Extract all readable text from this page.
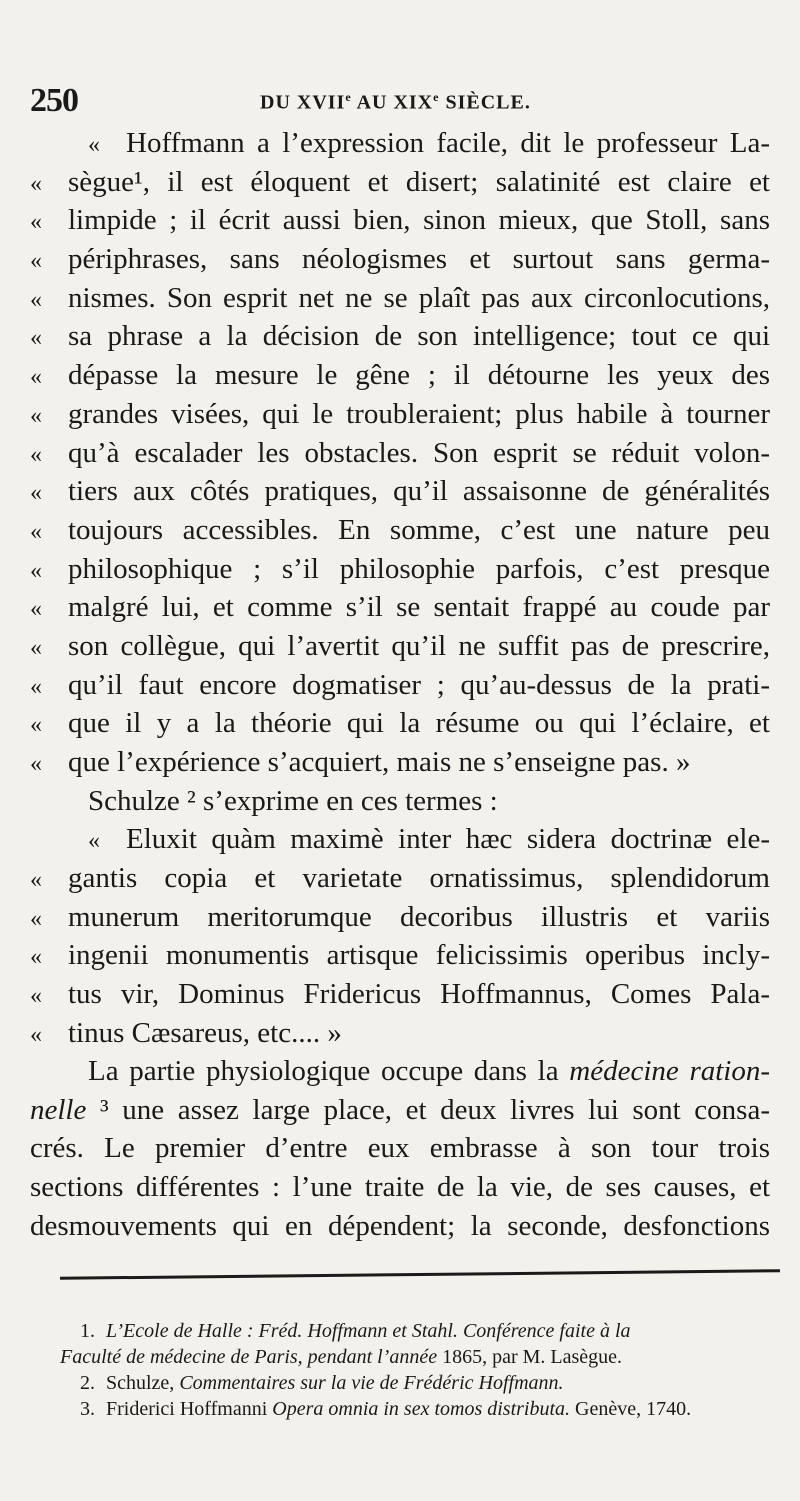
250	DU XVIIe AU XIXe SIÈCLE.
« Hoffmann a l’expression facile, dit le professeur La-
« sègue¹, il est éloquent et disert; salatinité est claire et
« limpide ; il écrit aussi bien, sinon mieux, que Stoll, sans
« périphrases, sans néologismes et surtout sans germa-
« nismes. Son esprit net ne se plaît pas aux circonlocutions,
« sa phrase a la décision de son intelligence; tout ce qui
« dépasse la mesure le gêne ; il détourne les yeux des
« grandes visées, qui le troubleraient; plus habile à tourner
« qu’à escalader les obstacles. Son esprit se réduit volon-
« tiers aux côtés pratiques, qu’il assaisonne de généralités
« toujours accessibles. En somme, c’est une nature peu
« philosophique ; s’il philosophie parfois, c’est presque
« malgré lui, et comme s’il se sentait frappé au coude par
« son collègue, qui l’avertit qu’il ne suffit pas de prescrire,
« qu’il faut encore dogmatiser ; qu’au-dessus de la prati-
« que il y a la théorie qui la résume ou qui l’éclaire, et
« que l’expérience s’acquiert, mais ne s’enseigne pas. »
Schulze ² s’exprime en ces termes :
« Eluxit quàm maximè inter hæc sidera doctrinæ ele-
« gantis copia et varietate ornatissimus, splendidorum
« munerum meritorumque decoribus illustris et variis
« ingenii monumentis artisque felicissimis operibus incly-
« tus vir, Dominus Fridericus Hoffmannus, Comes Pala-
« tinus Cæsareus, etc.... »
La partie physiologique occupe dans la médecine ration-
nelle ³ une assez large place, et deux livres lui sont consa-
crés. Le premier d’entre eux embrasse à son tour trois
sections différentes : l’une traite de la vie, de ses causes, et
desmouvements qui en dépendent; la seconde, desfonctions
1. L’Ecole de Halle : Fréd. Hoffmann et Stahl. Conférence faite à la
Faculté de médecine de Paris, pendant l’année 1865, par M. Lasègue.
2. Schulze, Commentaires sur la vie de Frédéric Hoffmann.
3. Friderici Hoffmanni Opera omnia in sex tomos distributa. Genève, 1740.
